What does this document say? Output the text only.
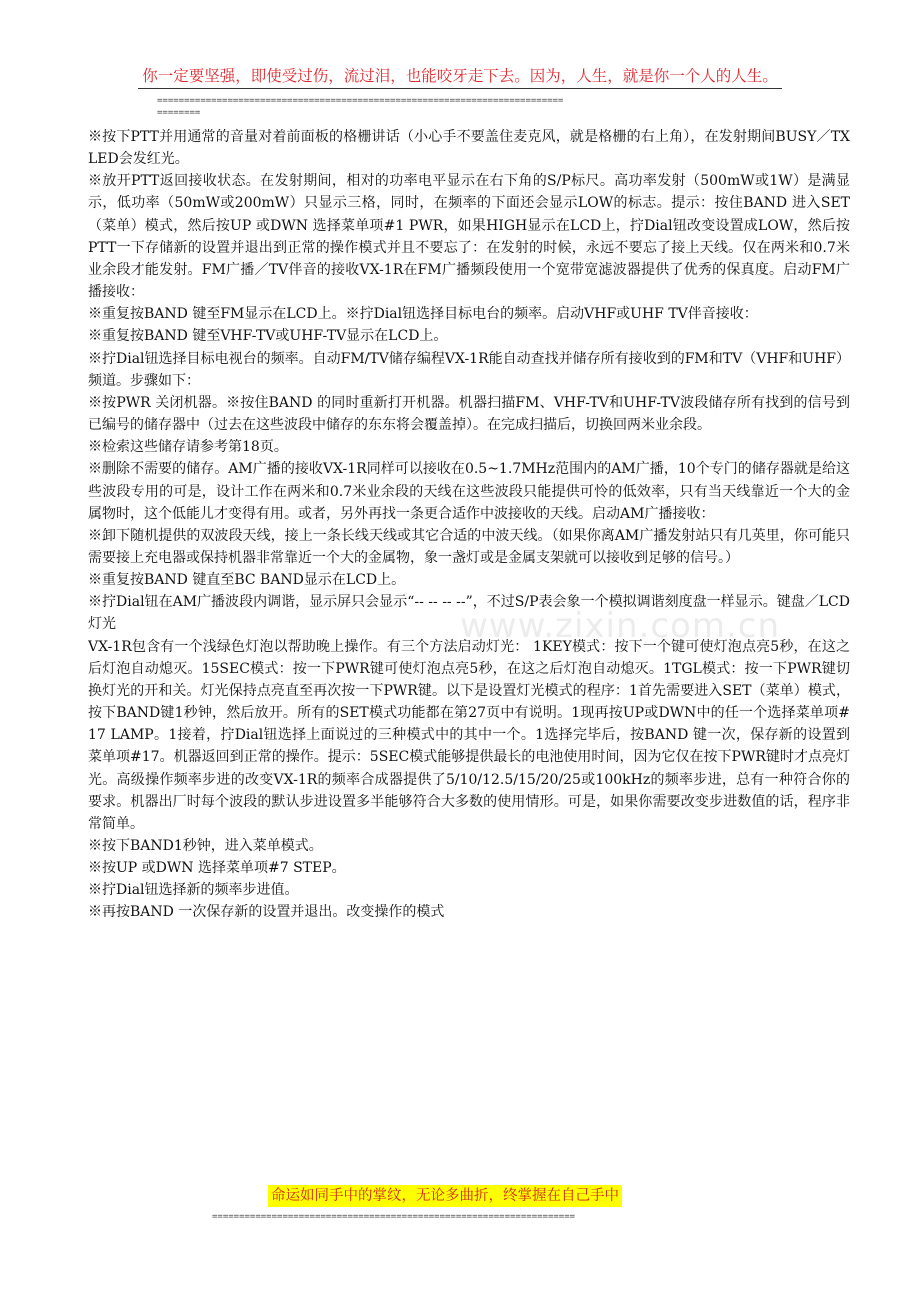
你一定要坚强，即使受过伤，流过泪，也能咬牙走下去。因为，人生，就是你一个人的人生。
===========================================================================
========

※按下PTT并用通常的音量对着前面板的格栅讲话（小心手不要盖住麦克风，就是格栅的右上角），在发射期间BUSY／TX LED会发红光。

※放开PTT返回接收状态。在发射期间，相对的功率电平显示在右下角的S/P标尺。高功率发射（500mW或1W）是满显示，低功率（50mW或200mW）只显示三格，同时，在频率的下面还会显示LOW的标志。提示：按住BAND 进入SET（菜单）模式，然后按UP 或DWN 选择菜单项#1 PWR，如果HIGH显示在LCD上，拧Dial钮改变设置成LOW，然后按PTT一下存储新的设置并退出到正常的操作模式并且不要忘了：在发射的时候，永远不要忘了接上天线。仅在两米和0.7米业余段才能发射。FM广播／TV伴音的接收VX-1R在FM广播频段使用一个宽带宽滤波器提供了优秀的保真度。启动FM广播接收：

※重复按BAND 键至FM显示在LCD上。※拧Dial钮选择目标电台的频率。启动VHF或UHF TV伴音接收：

※重复按BAND 键至VHF-TV或UHF-TV显示在LCD上。

※拧Dial钮选择目标电视台的频率。自动FM/TV储存编程VX-1R能自动查找并储存所有接收到的FM和TV（VHF和UHF）频道。步骤如下：

※按PWR 关闭机器。※按住BAND 的同时重新打开机器。机器扫描FM、VHF-TV和UHF-TV波段储存所有找到的信号到已编号的储存器中（过去在这些波段中储存的东东将会覆盖掉）。在完成扫描后，切换回两米业余段。

※检索这些储存请参考第18页。

※删除不需要的储存。AM广播的接收VX-1R同样可以接收在0.5~1.7MHz范围内的AM广播，10个专门的储存器就是给这些波段专用的可是，设计工作在两米和0.7米业余段的天线在这些波段只能提供可怜的低效率，只有当天线靠近一个大的金属物时，这个低能儿才变得有用。或者，另外再找一条更合适作中波接收的天线。启动AM广播接收：

※卸下随机提供的双波段天线，接上一条长线天线或其它合适的中波天线。（如果你离AM广播发射站只有几英里，你可能只需要接上充电器或保持机器非常靠近一个大的金属物，象一盏灯或是金属支架就可以接收到足够的信号。）

※重复按BAND 键直至BC BAND显示在LCD上。

※拧Dial钮在AM广播波段内调谐，显示屏只会显示“-- -- -- --”，不过S/P表会象一个模拟调谐刻度盘一样显示。键盘／LCD灯光

VX-1R包含有一个浅绿色灯泡以帮助晚上操作。有三个方法启动灯光： 1KEY模式：按下一个键可使灯泡点亮5秒，在这之后灯泡自动熄灭。15SEC模式：按一下PWR键可使灯泡点亮5秒，在这之后灯泡自动熄灭。1TGL模式：按一下PWR键切换灯光的开和关。灯光保持点亮直至再次按一下PWR键。以下是设置灯光模式的程序：1首先需要进入SET（菜单）模式，按下BAND键1秒钟，然后放开。所有的SET模式功能都在第27页中有说明。1现再按UP或DWN中的任一个选择菜单项#17 LAMP。1接着，拧Dial钮选择上面说过的三种模式中的其中一个。1选择完毕后，按BAND 键一次，保存新的设置到菜单项#17。机器返回到正常的操作。提示：5SEC模式能够提供最长的电池使用时间，因为它仅在按下PWR键时才点亮灯光。高级操作频率步进的改变VX-1R的频率合成器提供了5/10/12.5/15/20/25或100kHz的频率步进，总有一种符合你的要求。机器出厂时每个波段的默认步进设置多半能够符合大多数的使用情形。可是，如果你需要改变步进数值的话，程序非常简单。

※按下BAND1秒钟，进入菜单模式。

※按UP 或DWN 选择菜单项#7 STEP。

※拧Dial钮选择新的频率步进值。

※再按BAND 一次保存新的设置并退出。改变操作的模式

www.zixin.com.cn
命运如同手中的掌纹，无论多曲折，终掌握在自己手中
===================================================================
